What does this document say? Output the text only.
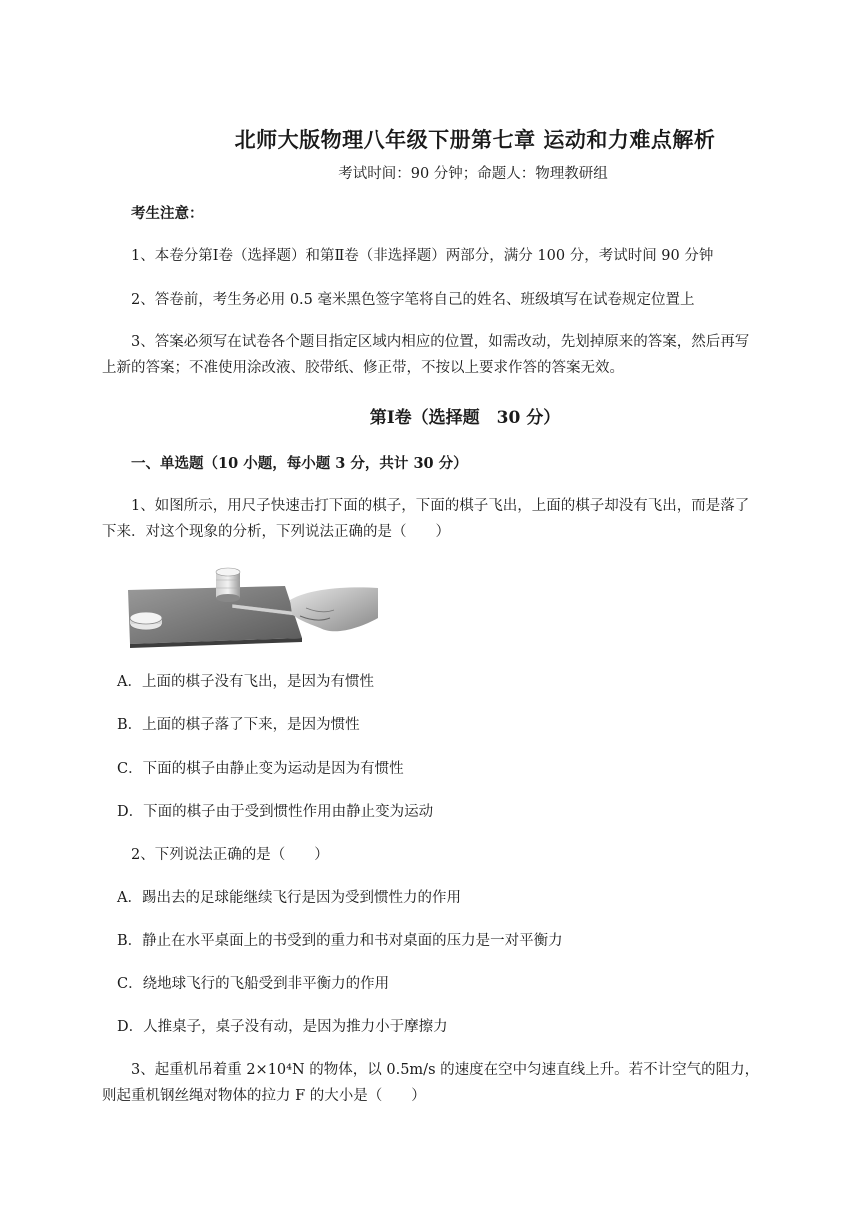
北师大版物理八年级下册第七章 运动和力难点解析
考试时间：90 分钟；命题人：物理教研组
考生注意：
1、本卷分第Ⅰ卷（选择题）和第Ⅱ卷（非选择题）两部分，满分 100 分，考试时间 90 分钟
2、答卷前，考生务必用 0.5 毫米黑色签字笔将自己的姓名、班级填写在试卷规定位置上
3、答案必须写在试卷各个题目指定区域内相应的位置，如需改动，先划掉原来的答案，然后再写
上新的答案；不准使用涂改液、胶带纸、修正带，不按以上要求作答的答案无效。
第Ⅰ卷（选择题　30 分）
一、单选题（10 小题，每小题 3 分，共计 30 分）
1、如图所示，用尺子快速击打下面的棋子，下面的棋子飞出，上面的棋子却没有飞出，而是落了
下来．对这个现象的分析，下列说法正确的是（　　）
A．上面的棋子没有飞出，是因为有惯性
B．上面的棋子落了下来，是因为惯性
C．下面的棋子由静止变为运动是因为有惯性
D．下面的棋子由于受到惯性作用由静止变为运动
2、下列说法正确的是（　　）
A．踢出去的足球能继续飞行是因为受到惯性力的作用
B．静止在水平桌面上的书受到的重力和书对桌面的压力是一对平衡力
C．绕地球飞行的飞船受到非平衡力的作用
D．人推桌子，桌子没有动，是因为推力小于摩擦力
3、起重机吊着重 2×10⁴N 的物体，以 0.5m/s 的速度在空中匀速直线上升。若不计空气的阻力，
则起重机钢丝绳对物体的拉力 F 的大小是（　　）
